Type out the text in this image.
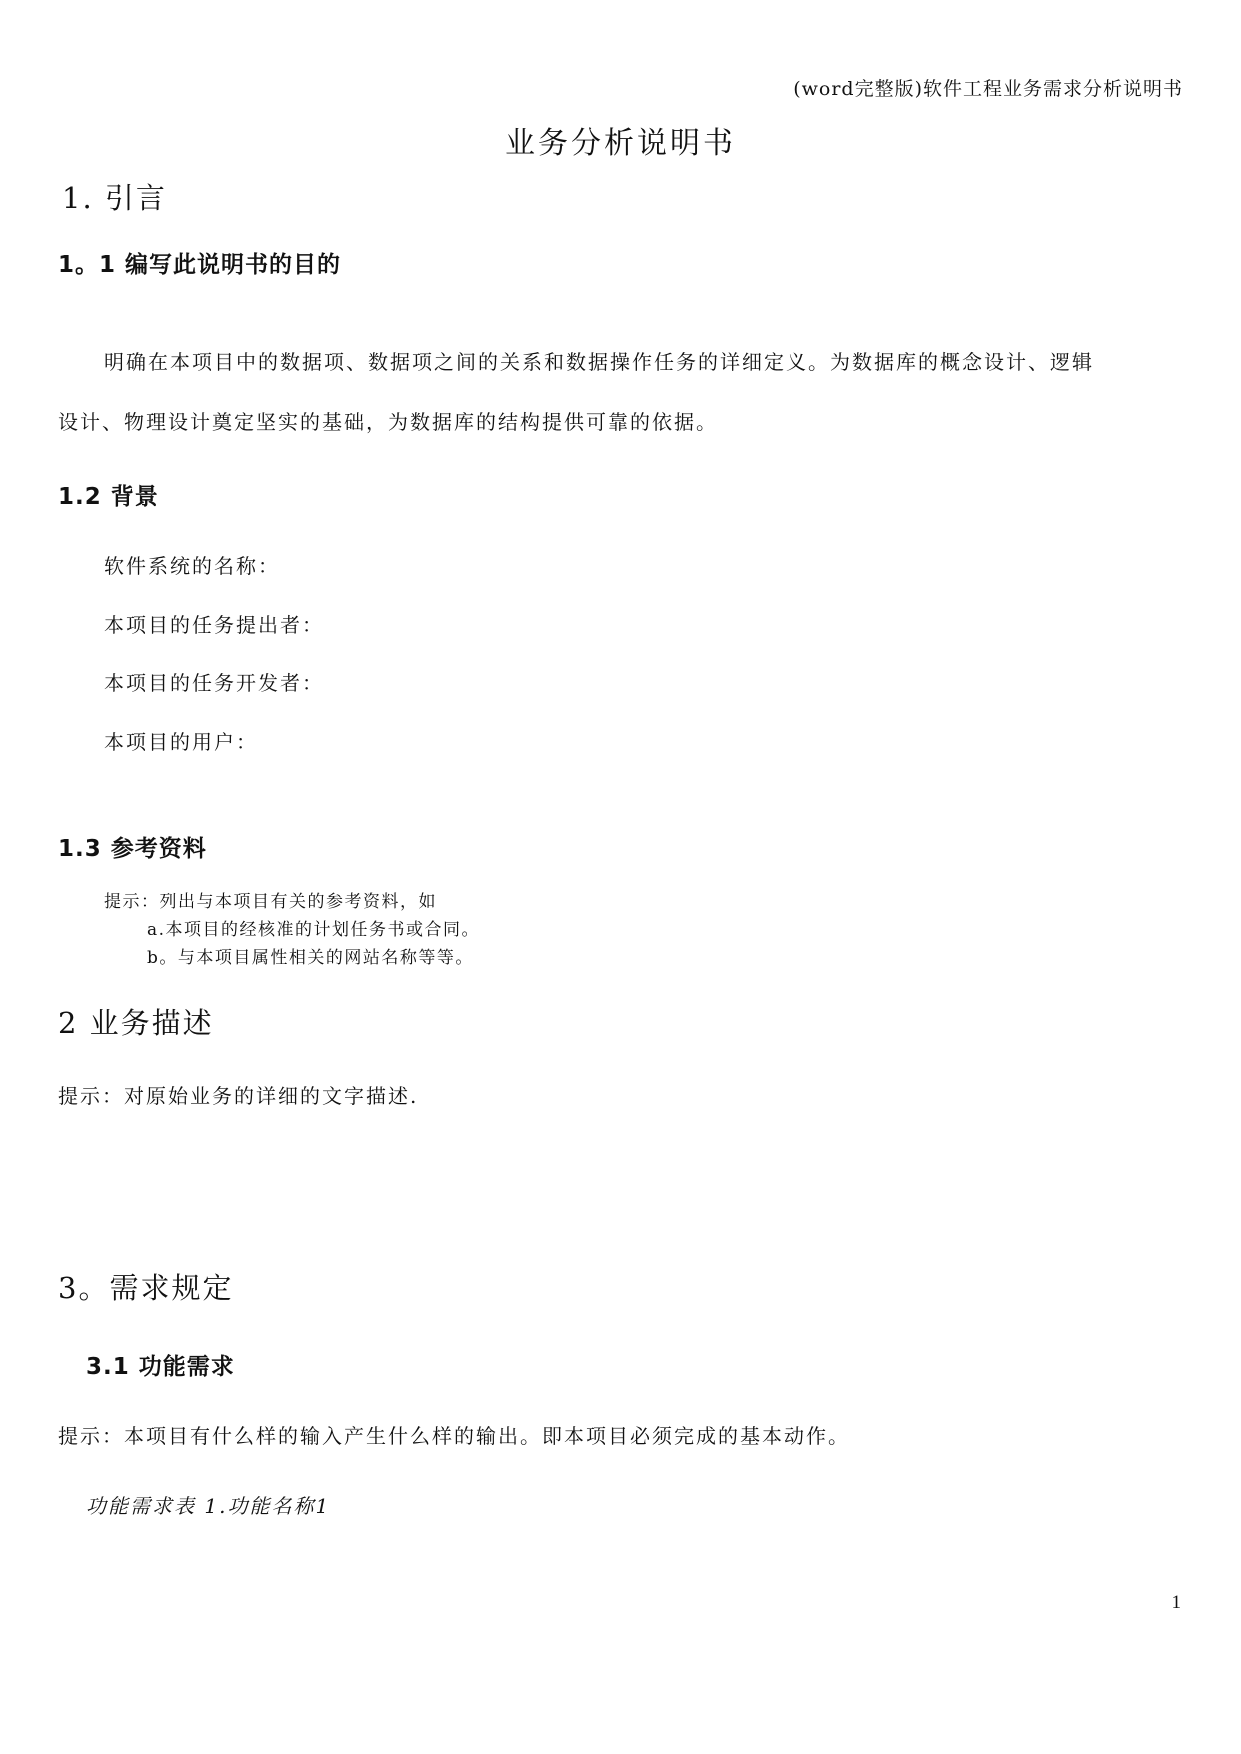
(word完整版)软件工程业务需求分析说明书
业务分析说明书
1. 引言
1。1 编写此说明书的目的
明确在本项目中的数据项、数据项之间的关系和数据操作任务的详细定义。为数据库的概念设计、逻辑
设计、物理设计奠定坚实的基础，为数据库的结构提供可靠的依据。
1.2 背景
软件系统的名称：
本项目的任务提出者：
本项目的任务开发者：
本项目的用户：
1.3 参考资料
提示：列出与本项目有关的参考资料，如
a.本项目的经核准的计划任务书或合同。
b。与本项目属性相关的网站名称等等。
2 业务描述
提示：对原始业务的详细的文字描述.
3。需求规定
3.1 功能需求
提示：本项目有什么样的输入产生什么样的输出。即本项目必须完成的基本动作。
功能需求表 1.功能名称1
1
